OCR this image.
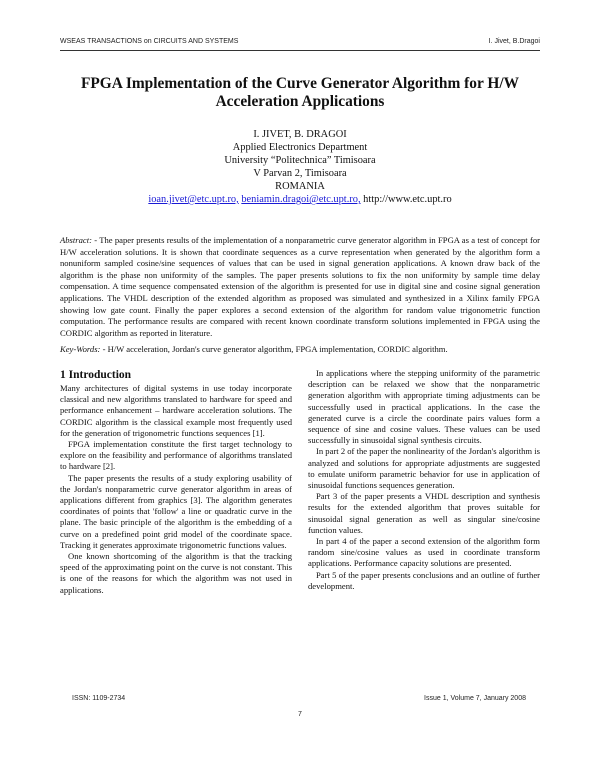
WSEAS TRANSACTIONS on CIRCUITS AND SYSTEMS	I. Jivet, B.Dragoi
FPGA Implementation of the Curve Generator Algorithm for H/W
Acceleration Applications
I. JIVET, B. DRAGOI
Applied Electronics Department
University “Politechnica” Timisoara
V Parvan 2, Timisoara
ROMANIA
ioan.jivet@etc.upt.ro, beniamin.dragoi@etc.upt.ro, http://www.etc.upt.ro

Abstract: - The paper presents results of the implementation of a nonparametric curve generator algorithm in FPGA as a test of concept for H/W acceleration solutions. It is shown that coordinate sequences as a curve representation when generated by the algorithm form a nonuniform sampled cosine/sine sequences of values that can be used in signal generation applications. A known draw back of the algorithm is the phase non uniformity of the samples. The paper presents solutions to fix the non uniformity by sample time delay compensation. A time sequence compensated extension of the algorithm is presented for use in digital sine and cosine signal generation applications. The VHDL description of the extended algorithm as proposed was simulated and synthesized in a Xilinx family FPGA showing low gate count. Finally the paper explores a second extension of the algorithm for random value trigonometric function computation. The performance results are compared with recent known coordinate transform solutions implemented in FPGA using the CORDIC algorithm as reported in literature.

Key-Words: - H/W acceleration, Jordan's curve generator algorithm, FPGA implementation, CORDIC algorithm.

1 Introduction

Many architectures of digital systems in use today incorporate classical and new algorithms translated to hardware for speed and performance enhancement – hardware acceleration solutions. The CORDIC algorithm is the classical example most frequently used for the generation of trigonometric functions sequences [1].

FPGA implementation constitute the first target technology to explore on the feasibility and performance of algorithms translated to hardware [2].

The paper presents the results of a study exploring usability of the Jordan's nonparametric curve generator algorithm in areas of applications different from graphics [3]. The algorithm generates coordinates of points that 'follow' a line or quadratic curve in the plane. The basic principle of the algorithm is the embedding of a curve on a predefined point grid model of the coordinate space. Tracking it generates approximate trigonometric functions values.

One known shortcoming of the algorithm is that the tracking speed of the approximating point on the curve is not constant. This is one of the reasons for which the algorithm was not used in applications.

In applications where the stepping uniformity of the parametric description can be relaxed we show that the nonparametric generation algorithm with appropriate timing adjustments can be successfully used in practical applications. In the case the generated curve is a circle the coordinate pairs values form a sequence of sine and cosine values. These values can be used successfully in sinusoidal signal synthesis circuits.

In part 2 of the paper the nonlinearity of the Jordan's algorithm is analyzed and solutions for appropriate adjustments are suggested to emulate uniform parametric behavior for use in application of sinusoidal functions sequences generation.

Part 3 of the paper presents a VHDL description and synthesis results for the extended algorithm that proves suitable for sinusoidal signal generation as well as singular sine/cosine function values.

In part 4 of the paper a second extension of the algorithm form random sine/cosine values as used in coordinate transform applications. Performance capacity solutions are presented.

Part 5 of the paper presents conclusions and an outline of further development.

ISSN: 1109-2734	Issue 1, Volume 7, January 2008
7
